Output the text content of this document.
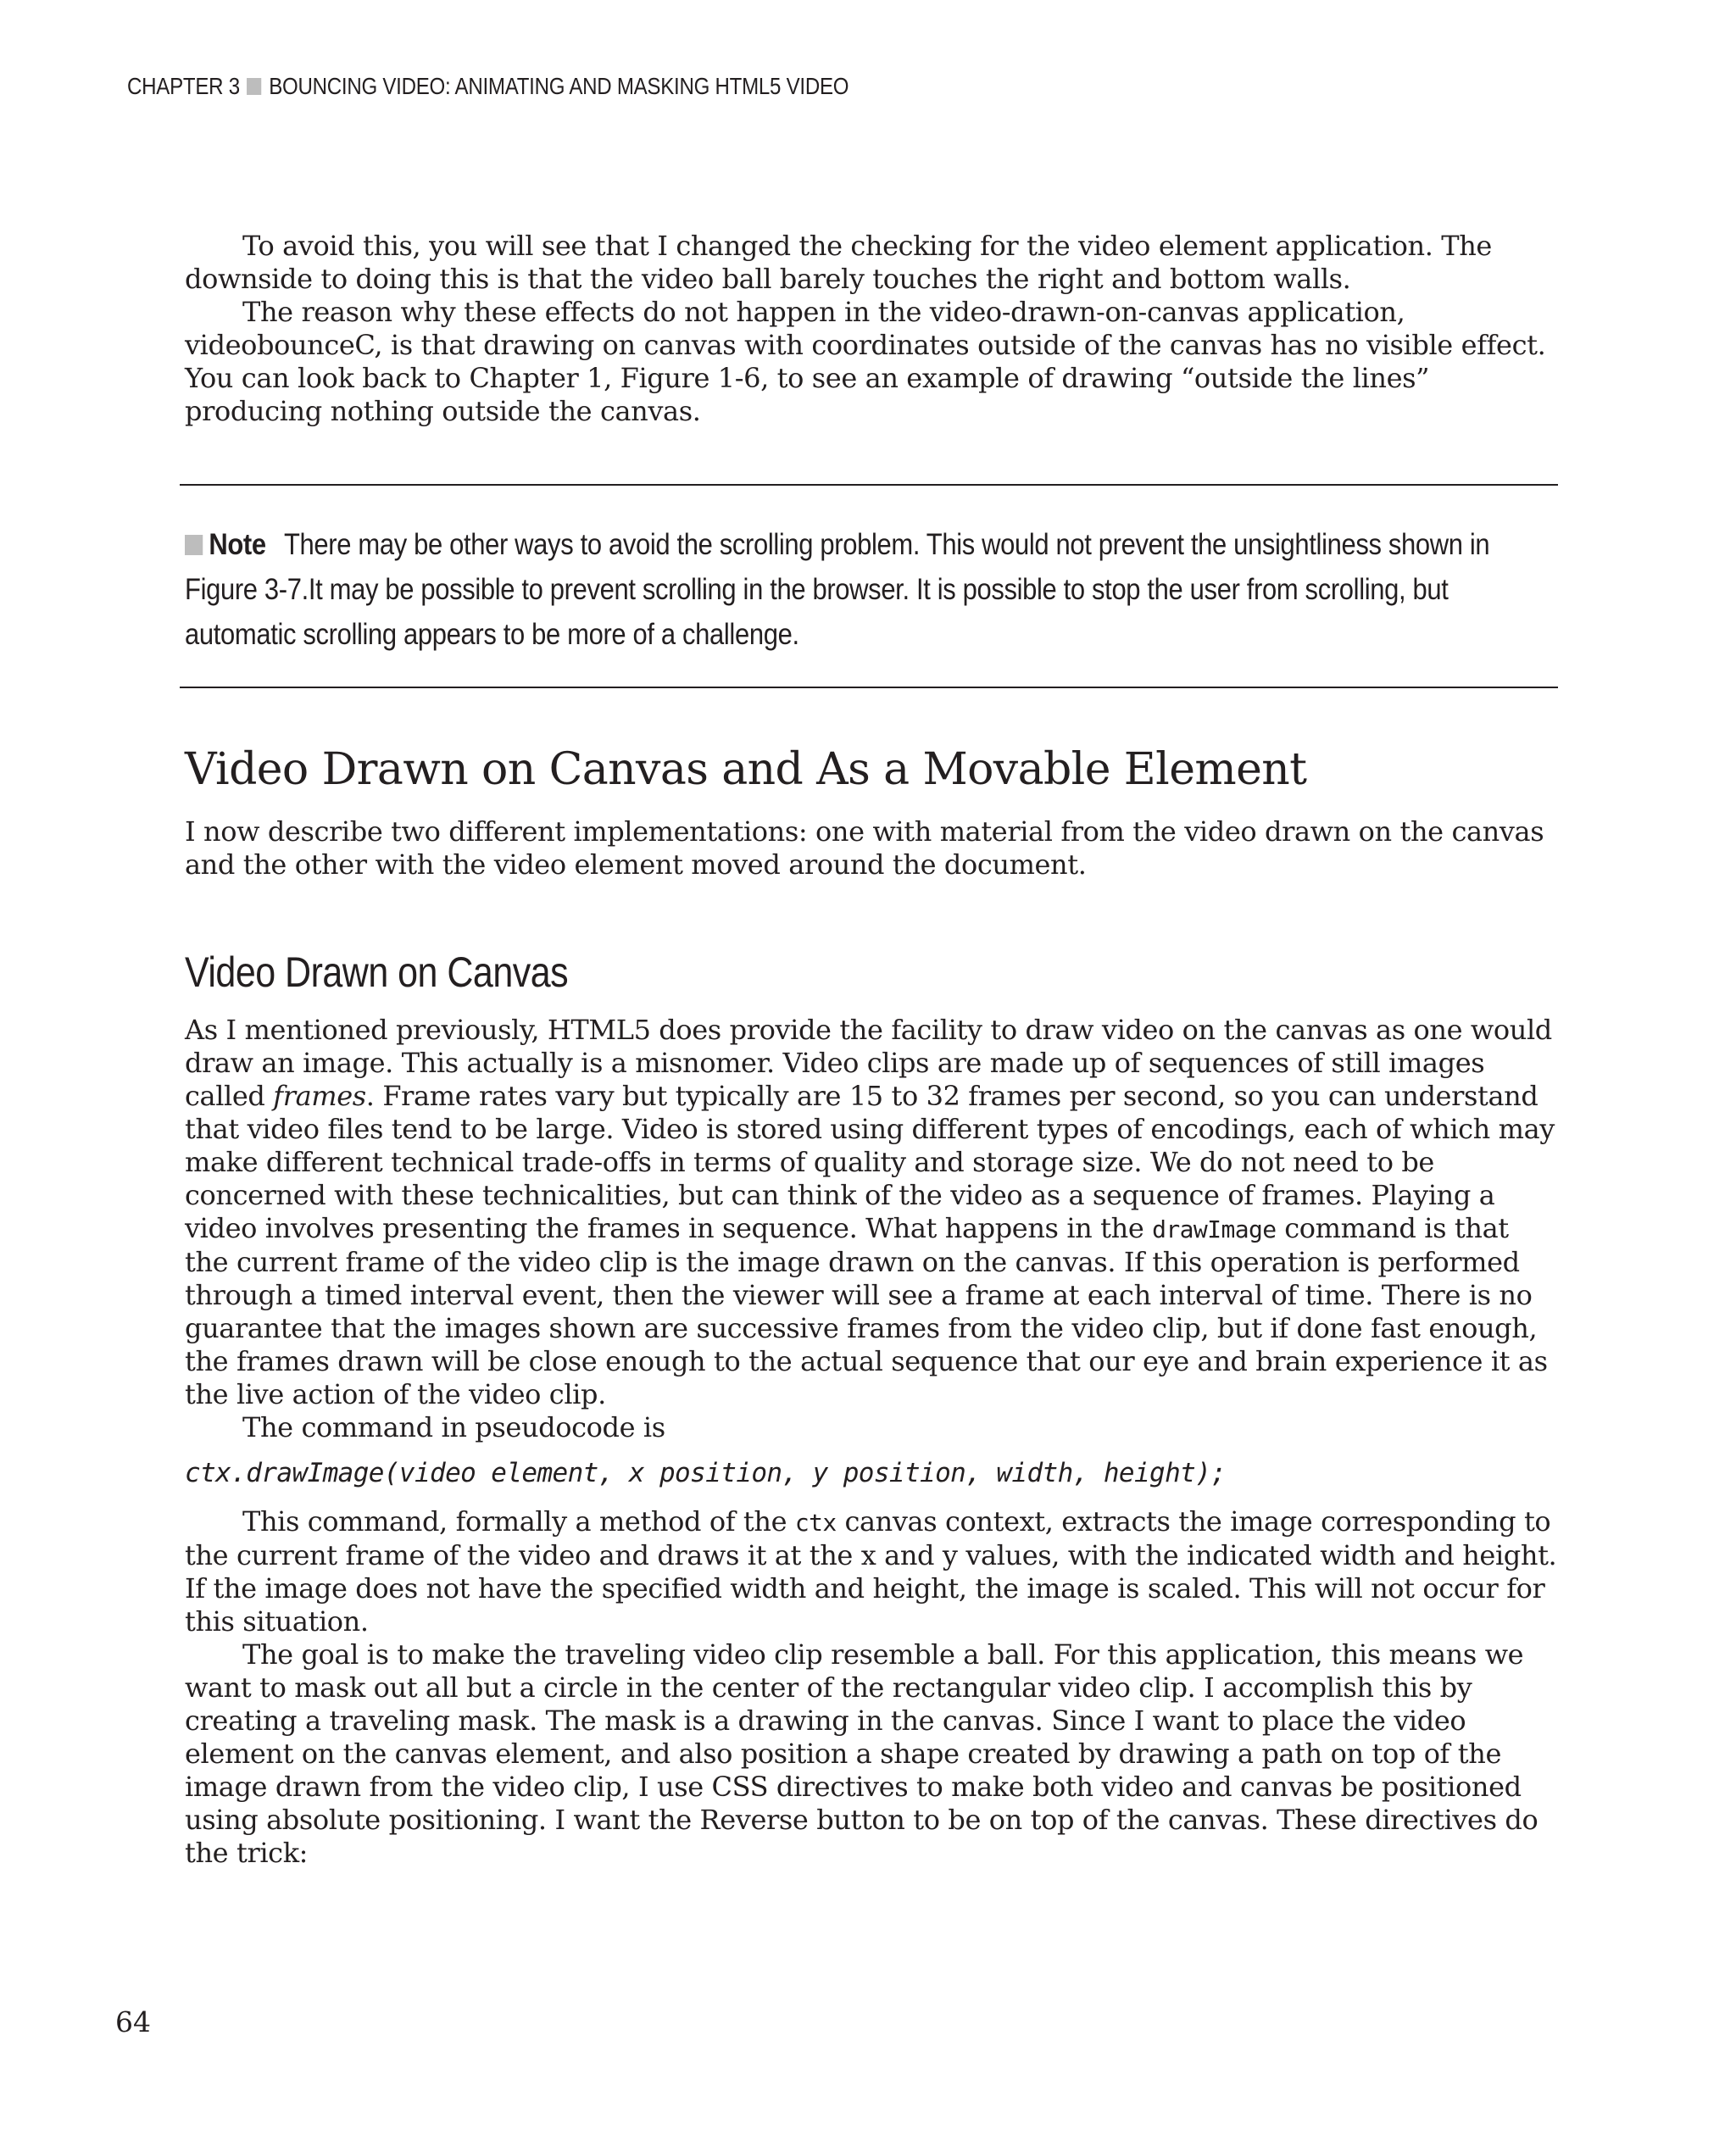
CHAPTER 3 BOUNCING VIDEO: ANIMATING AND MASKING HTML5 VIDEO

To avoid this, you will see that I changed the checking for the video element application. The downside to doing this is that the video ball barely touches the right and bottom walls.

The reason why these effects do not happen in the video-drawn-on-canvas application, videobounceC, is that drawing on canvas with coordinates outside of the canvas has no visible effect. You can look back to Chapter 1, Figure 1-6, to see an example of drawing “outside the lines” producing nothing outside the canvas.

Note There may be other ways to avoid the scrolling problem. This would not prevent the unsightliness shown in Figure 3-7.It may be possible to prevent scrolling in the browser. It is possible to stop the user from scrolling, but automatic scrolling appears to be more of a challenge.
Video Drawn on Canvas and As a Movable Element

I now describe two different implementations: one with material from the video drawn on the canvas and the other with the video element moved around the document.

Video Drawn on Canvas

As I mentioned previously, HTML5 does provide the facility to draw video on the canvas as one would draw an image. This actually is a misnomer. Video clips are made up of sequences of still images called frames. Frame rates vary but typically are 15 to 32 frames per second, so you can understand that video files tend to be large. Video is stored using different types of encodings, each of which may make different technical trade-offs in terms of quality and storage size. We do not need to be concerned with these technicalities, but can think of the video as a sequence of frames. Playing a video involves presenting the frames in sequence. What happens in the drawImage command is that the current frame of the video clip is the image drawn on the canvas. If this operation is performed through a timed interval event, then the viewer will see a frame at each interval of time. There is no guarantee that the images shown are successive frames from the video clip, but if done fast enough, the frames drawn will be close enough to the actual sequence that our eye and brain experience it as the live action of the video clip.

The command in pseudocode is

ctx.drawImage(video element, x position, y position, width, height);

This command, formally a method of the ctx canvas context, extracts the image corresponding to the current frame of the video and draws it at the x and y values, with the indicated width and height. If the image does not have the specified width and height, the image is scaled. This will not occur for this situation.

The goal is to make the traveling video clip resemble a ball. For this application, this means we want to mask out all but a circle in the center of the rectangular video clip. I accomplish this by creating a traveling mask. The mask is a drawing in the canvas. Since I want to place the video element on the canvas element, and also position a shape created by drawing a path on top of the image drawn from the video clip, I use CSS directives to make both video and canvas be positioned using absolute positioning. I want the Reverse button to be on top of the canvas. These directives do the trick:

64
